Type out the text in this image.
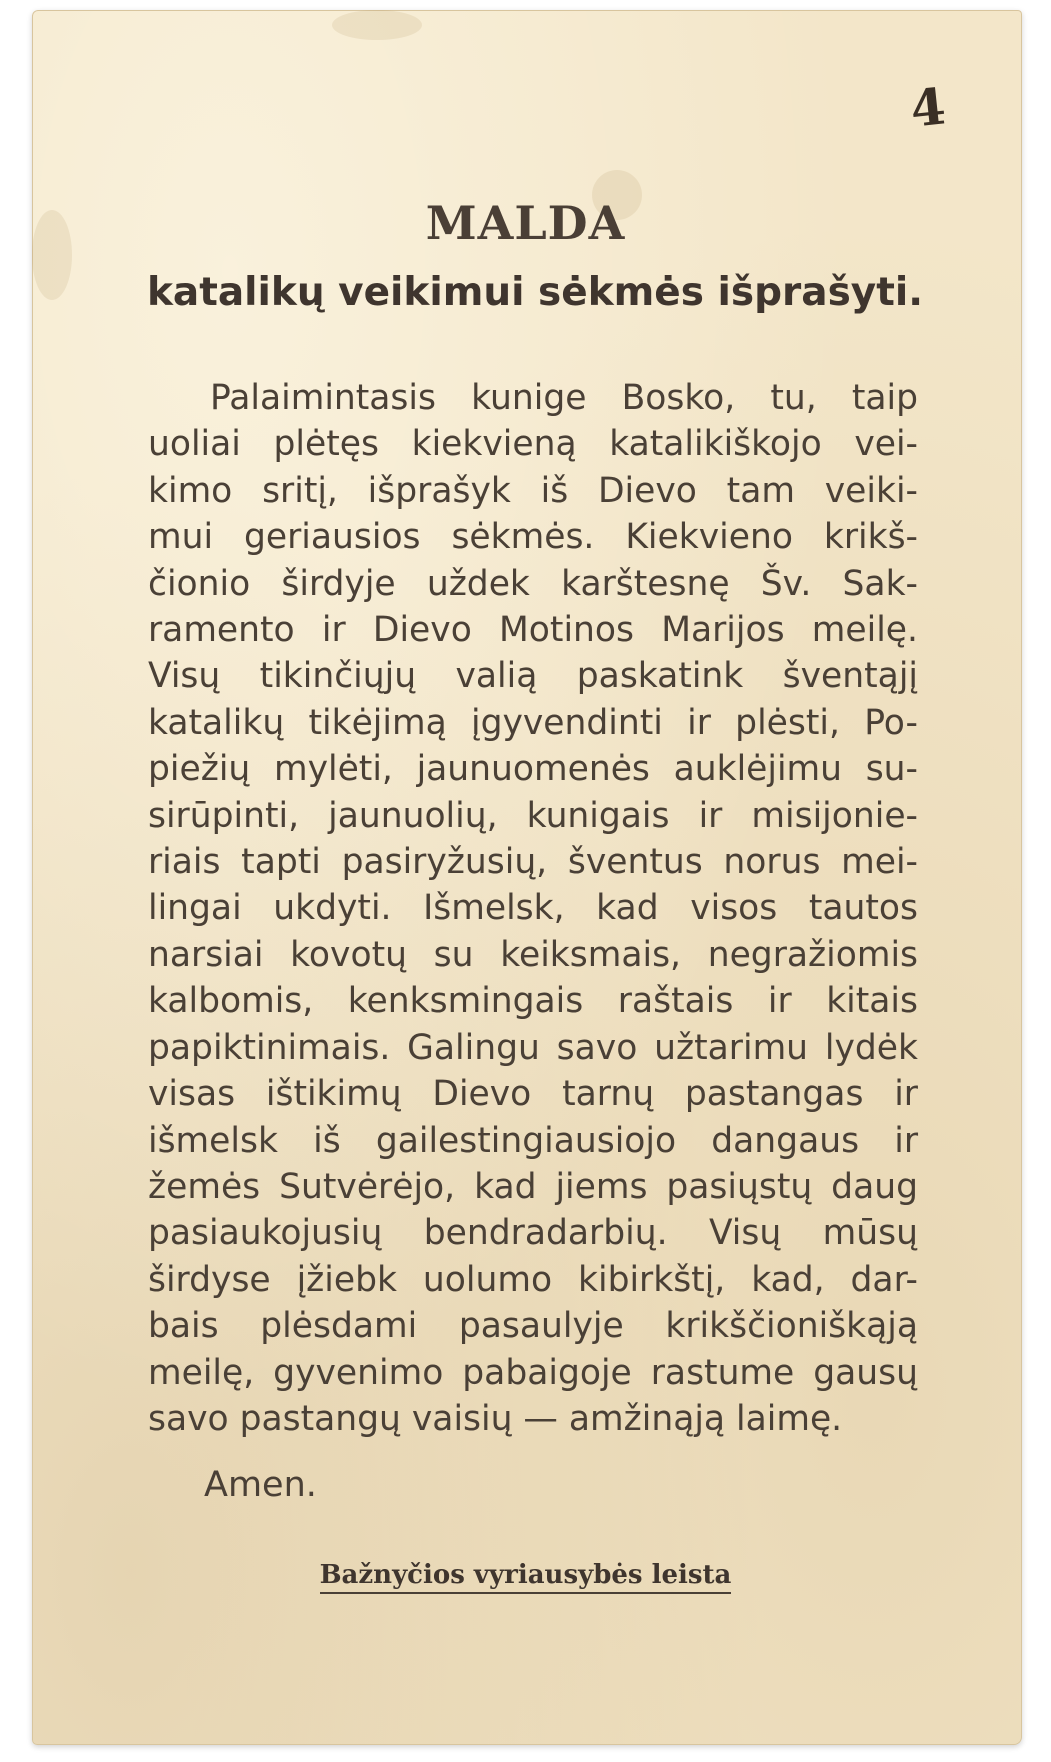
4
MALDA
katalikų veikimui sėkmės išprašyti.
Palaimintasis kunige Bosko, tu, taip
uoliai plėtęs kiekvieną katalikiškojo vei-
kimo sritį, išprašyk iš Dievo tam veiki-
mui geriausios sėkmės. Kiekvieno krikš-
čionio širdyje uždek karštesnę Šv. Sak-
ramento ir Dievo Motinos Marijos meilę.
Visų tikinčiųjų valią paskatink šventąjį
katalikų tikėjimą įgyvendinti ir plėsti, Po-
piežių mylėti, jaunuomenės auklėjimu su-
sirūpinti, jaunuolių, kunigais ir misijonie-
riais tapti pasiryžusių, šventus norus mei-
lingai ukdyti. Išmelsk, kad visos tautos
narsiai kovotų su keiksmais, negražiomis
kalbomis, kenksmingais raštais ir kitais
papiktinimais. Galingu savo užtarimu lydėk
visas ištikimų Dievo tarnų pastangas ir
išmelsk iš gailestingiausiojo dangaus ir
žemės Sutvėrėjo, kad jiems pasiųstų daug
pasiaukojusių bendradarbių. Visų mūsų
širdyse įžiebk uolumo kibirkštį, kad, dar-
bais plėsdami pasaulyje krikščioniškąją
meilę, gyvenimo pabaigoje rastume gausų
savo pastangų vaisių — amžinąją laimę.
Amen.
Bažnyčios vyriausybės leista
